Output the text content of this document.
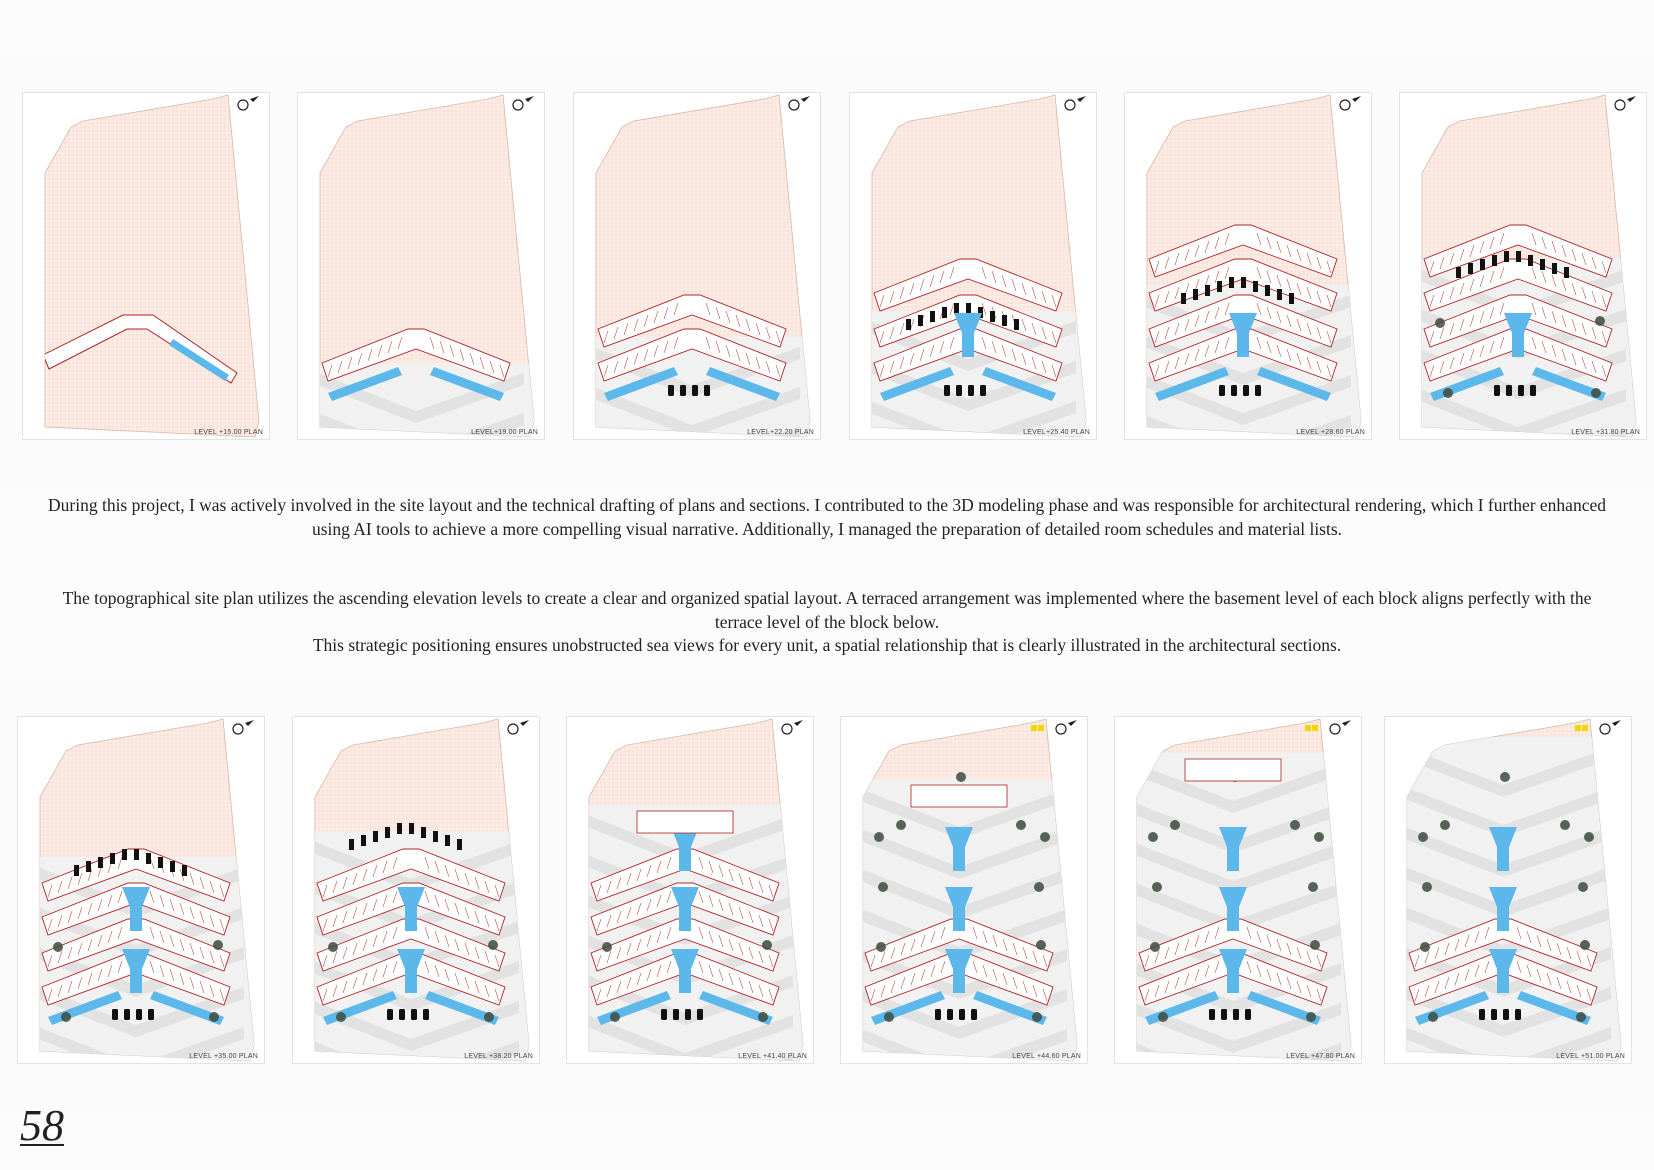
LEVEL +15.00 PLAN	LEVEL+19.00 PLAN	LEVEL+22.20 PLAN	LEVEL+25.40 PLAN	LEVEL +28.60 PLAN	LEVEL +31.80 PLAN
LEVEL +35.00 PLAN	LEVEL +38.20 PLAN	LEVEL +41.40 PLAN	LEVEL +44.60 PLAN	LEVEL +47.80 PLAN	LEVEL +51.00 PLAN

During this project, I was actively involved in the site layout and the technical drafting of plans and sections. I contributed to the 3D modeling phase and was responsible for architectural rendering, which I further enhanced using AI tools to achieve a more compelling visual narrative. Additionally, I managed the preparation of detailed room schedules and material lists.

The topographical site plan utilizes the ascending elevation levels to create a clear and organized spatial layout. A terraced arrangement was implemented where the basement level of each block aligns perfectly with the terrace level of the block below.

This strategic positioning ensures unobstructed sea views for every unit, a spatial relationship that is clearly illustrated in the architectural sections.

58
